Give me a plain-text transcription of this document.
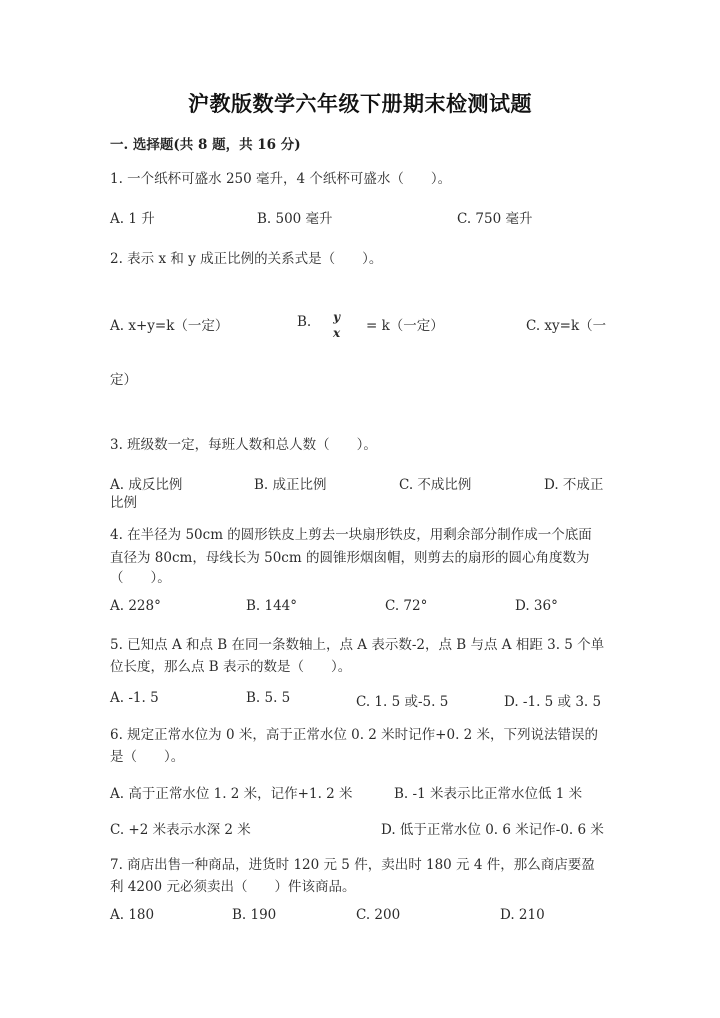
沪教版数学六年级下册期末检测试题
一. 选择题(共 8 题，共 16 分)
1. 一个纸杯可盛水 250 毫升，4 个纸杯可盛水（　　）。
A. 1 升	B. 500 毫升	C. 750 毫升
2. 表示 x 和 y 成正比例的关系式是（　　）。
A. x+y=k（一定）	B. y
x = k（一定）	C. xy=k（一
定）
3. 班级数一定，每班人数和总人数（　　）。
A. 成反比例	B. 成正比例	C. 不成比例	D. 不成正
比例
4. 在半径为 50cm 的圆形铁皮上剪去一块扇形铁皮，用剩余部分制作成一个底面
直径为 80cm，母线长为 50cm 的圆锥形烟囱帽，则剪去的扇形的圆心角度数为
（　　）。
A. 228°	B. 144°	C. 72°	D. 36°
5. 已知点 A 和点 B 在同一条数轴上，点 A 表示数-2，点 B 与点 A 相距 3. 5 个单
位长度，那么点 B 表示的数是（　　）。
A. -1. 5	B. 5. 5	C. 1. 5 或-5. 5	D. -1. 5 或 3. 5
6. 规定正常水位为 0 米，高于正常水位 0. 2 米时记作+0. 2 米，下列说法错误的
是（　　）。
A. 高于正常水位 1. 2 米，记作+1. 2 米	B. -1 米表示比正常水位低 1 米
C. +2 米表示水深 2 米	D. 低于正常水位 0. 6 米记作-0. 6 米
7. 商店出售一种商品，进货时 120 元 5 件，卖出时 180 元 4 件，那么商店要盈
利 4200 元必须卖出（　　）件该商品。
A. 180	B. 190	C. 200	D. 210
